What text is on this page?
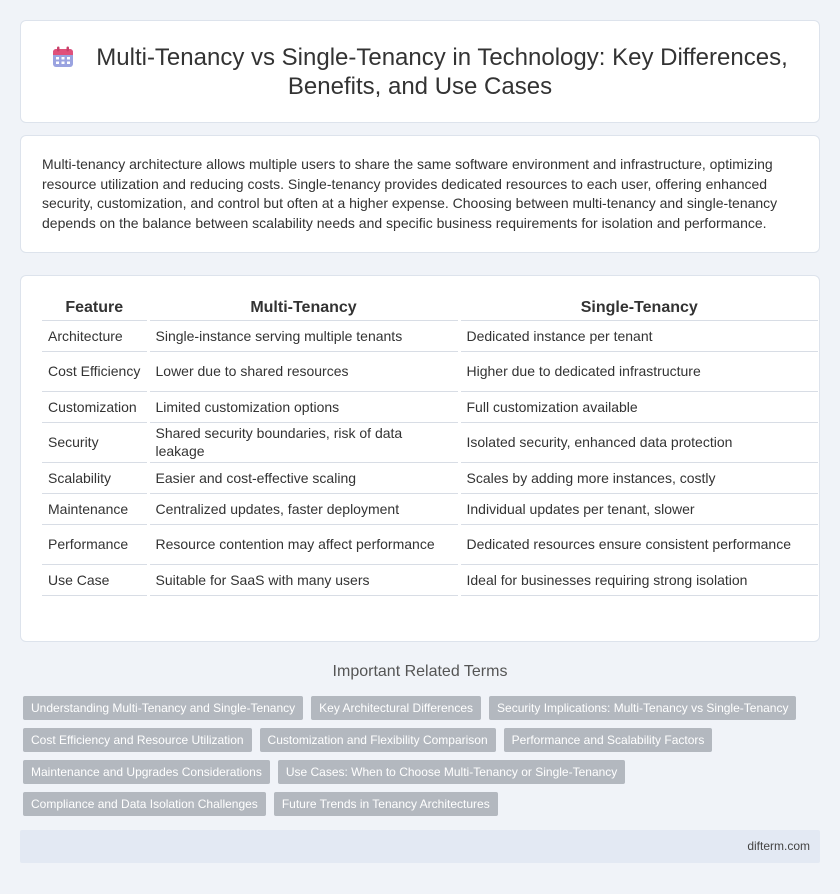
Multi-Tenancy vs Single-Tenancy in Technology: Key Differences, Benefits, and Use Cases

Multi-tenancy architecture allows multiple users to share the same software environment and infrastructure, optimizing resource utilization and reducing costs. Single-tenancy provides dedicated resources to each user, offering enhanced security, customization, and control but often at a higher expense. Choosing between multi-tenancy and single-tenancy depends on the balance between scalability needs and specific business requirements for isolation and performance.

Feature	Multi-Tenancy	Single-Tenancy
Architecture	Single-instance serving multiple tenants	Dedicated instance per tenant
Cost Efficiency	Lower due to shared resources	Higher due to dedicated infrastructure
Customization	Limited customization options	Full customization available
Security	Shared security boundaries, risk of data leakage	Isolated security, enhanced data protection
Scalability	Easier and cost-effective scaling	Scales by adding more instances, costly
Maintenance	Centralized updates, faster deployment	Individual updates per tenant, slower
Performance	Resource contention may affect performance	Dedicated resources ensure consistent performance
Use Case	Suitable for SaaS with many users	Ideal for businesses requiring strong isolation
Important Related Terms
Understanding Multi-Tenancy and Single-Tenancy	Key Architectural Differences	Security Implications: Multi-Tenancy vs Single-Tenancy
Cost Efficiency and Resource Utilization	Customization and Flexibility Comparison	Performance and Scalability Factors
Maintenance and Upgrades Considerations	Use Cases: When to Choose Multi-Tenancy or Single-Tenancy
Compliance and Data Isolation Challenges	Future Trends in Tenancy Architectures
difterm.com
